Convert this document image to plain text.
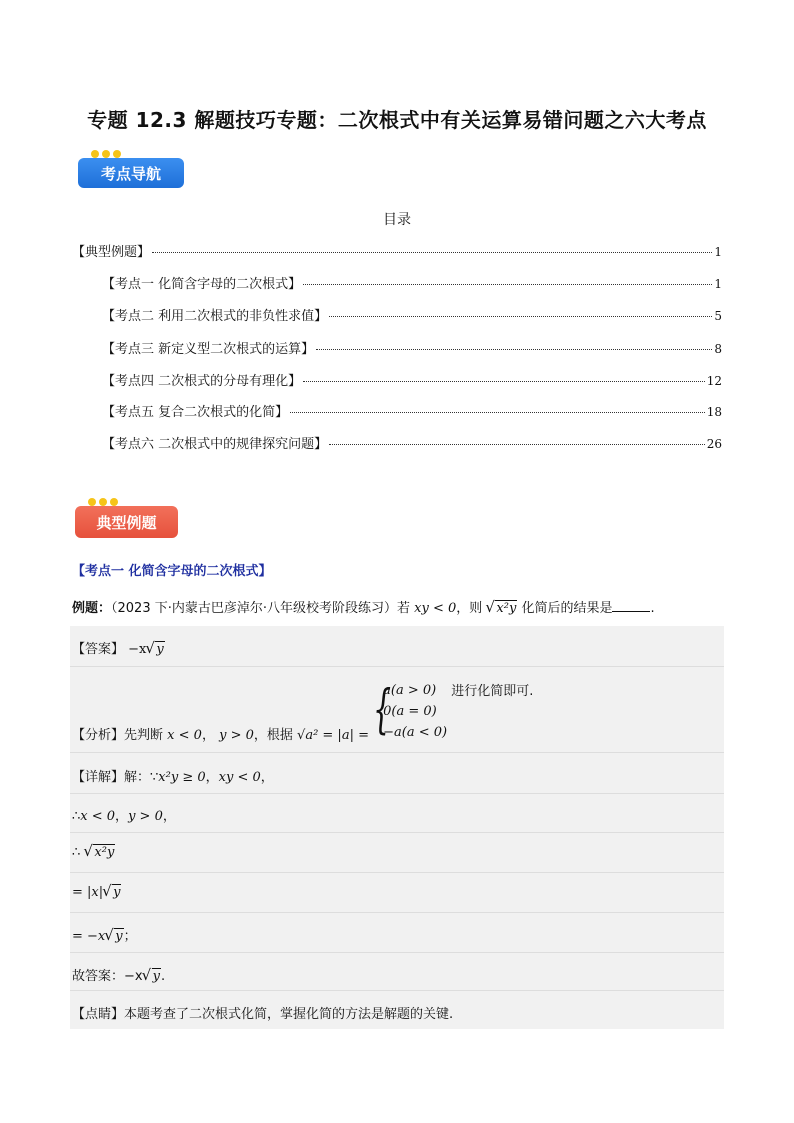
专题 12.3 解题技巧专题：二次根式中有关运算易错问题之六大考点
考点导航
目录
【典型例题】	1
【考点一 化简含字母的二次根式】	1
【考点二 利用二次根式的非负性求值】	5
【考点三 新定义型二次根式的运算】	8
【考点四 二次根式的分母有理化】	12
【考点五 复合二次根式的化简】	18
【考点六 二次根式中的规律探究问题】	26
典型例题
【考点一 化简含字母的二次根式】
例题：（2023 下·内蒙古巴彦淖尔·八年级校考阶段练习）若 xy < 0，则 √ x²y 化简后的结果是	.
【答案】 −x √ y
【分析】先判断 x < 0， y > 0，根据 √a² = |a| = {
a(a > 0)
0(a = 0)
−a(a < 0)
进行化简即可.
【详解】解：∵x²y ≥ 0，xy < 0，
∴x < 0，y > 0，
∴ √ x²y
= |x| √ y
= −x √ y；
故答案：−x √ y.
【点睛】本题考查了二次根式化简，掌握化简的方法是解题的关键.
